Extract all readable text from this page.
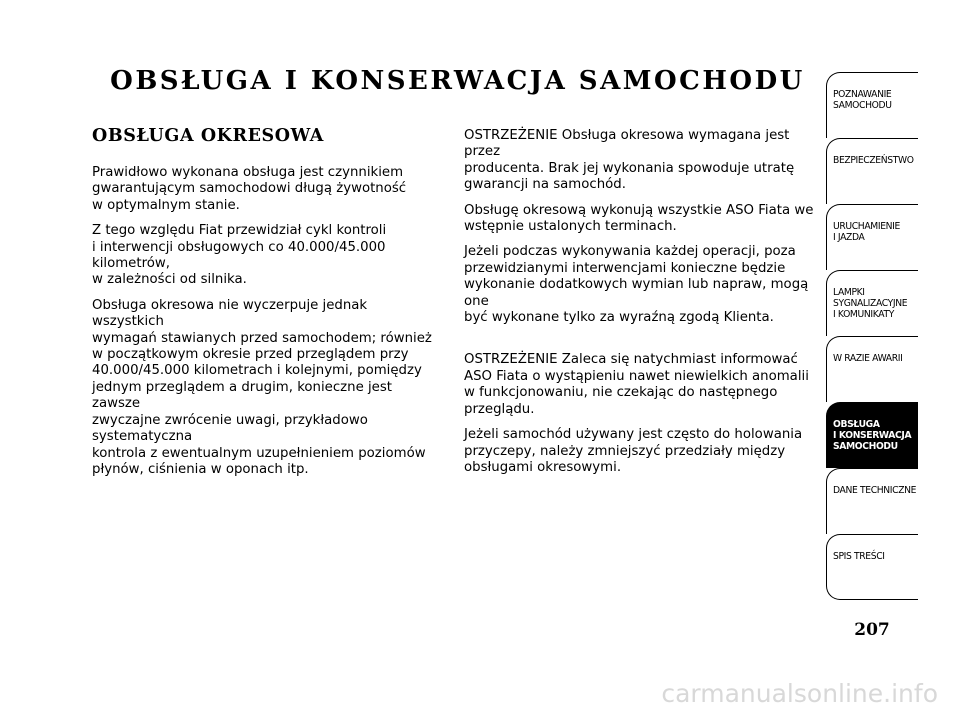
OBSŁUGA I KONSERWACJA SAMOCHODU
OBSŁUGA OKRESOWA

Prawidłowo wykonana obsługa jest czynnikiem
gwarantującym samochodowi długą żywotność
w optymalnym stanie.

Z tego względu Fiat przewidział cykl kontroli
i interwencji obsługowych co 40.000/45.000 kilometrów,
w zależności od silnika.

Obsługa okresowa nie wyczerpuje jednak wszystkich
wymagań stawianych przed samochodem; również
w początkowym okresie przed przeglądem przy
40.000/45.000 kilometrach i kolejnymi, pomiędzy
jednym przeglądem a drugim, konieczne jest zawsze
zwyczajne zwrócenie uwagi, przykładowo systematyczna
kontrola z ewentualnym uzupełnieniem poziomów
płynów, ciśnienia w oponach itp.

OSTRZEŻENIE Obsługa okresowa wymagana jest przez
producenta. Brak jej wykonania spowoduje utratę
gwarancji na samochód.

Obsługę okresową wykonują wszystkie ASO Fiata we
wstępnie ustalonych terminach.

Jeżeli podczas wykonywania każdej operacji, poza
przewidzianymi interwencjami konieczne będzie
wykonanie dodatkowych wymian lub napraw, mogą one
być wykonane tylko za wyraźną zgodą Klienta.

OSTRZEŻENIE Zaleca się natychmiast informować
ASO Fiata o wystąpieniu nawet niewielkich anomalii
w funkcjonowaniu, nie czekając do następnego
przeglądu.

Jeżeli samochód używany jest często do holowania
przyczepy, należy zmniejszyć przedziały między
obsługami okresowymi.

POZNAWANIE
SAMOCHODU
BEZPIECZEŃSTWO
URUCHAMIENIE
I JAZDA
LAMPKI
SYGNALIZACYJNE
I KOMUNIKATY
W RAZIE AWARII
OBSŁUGA
I KONSERWACJA
SAMOCHODU
DANE TECHNICZNE
SPIS TREŚCI
207
carmanualsonline.info
